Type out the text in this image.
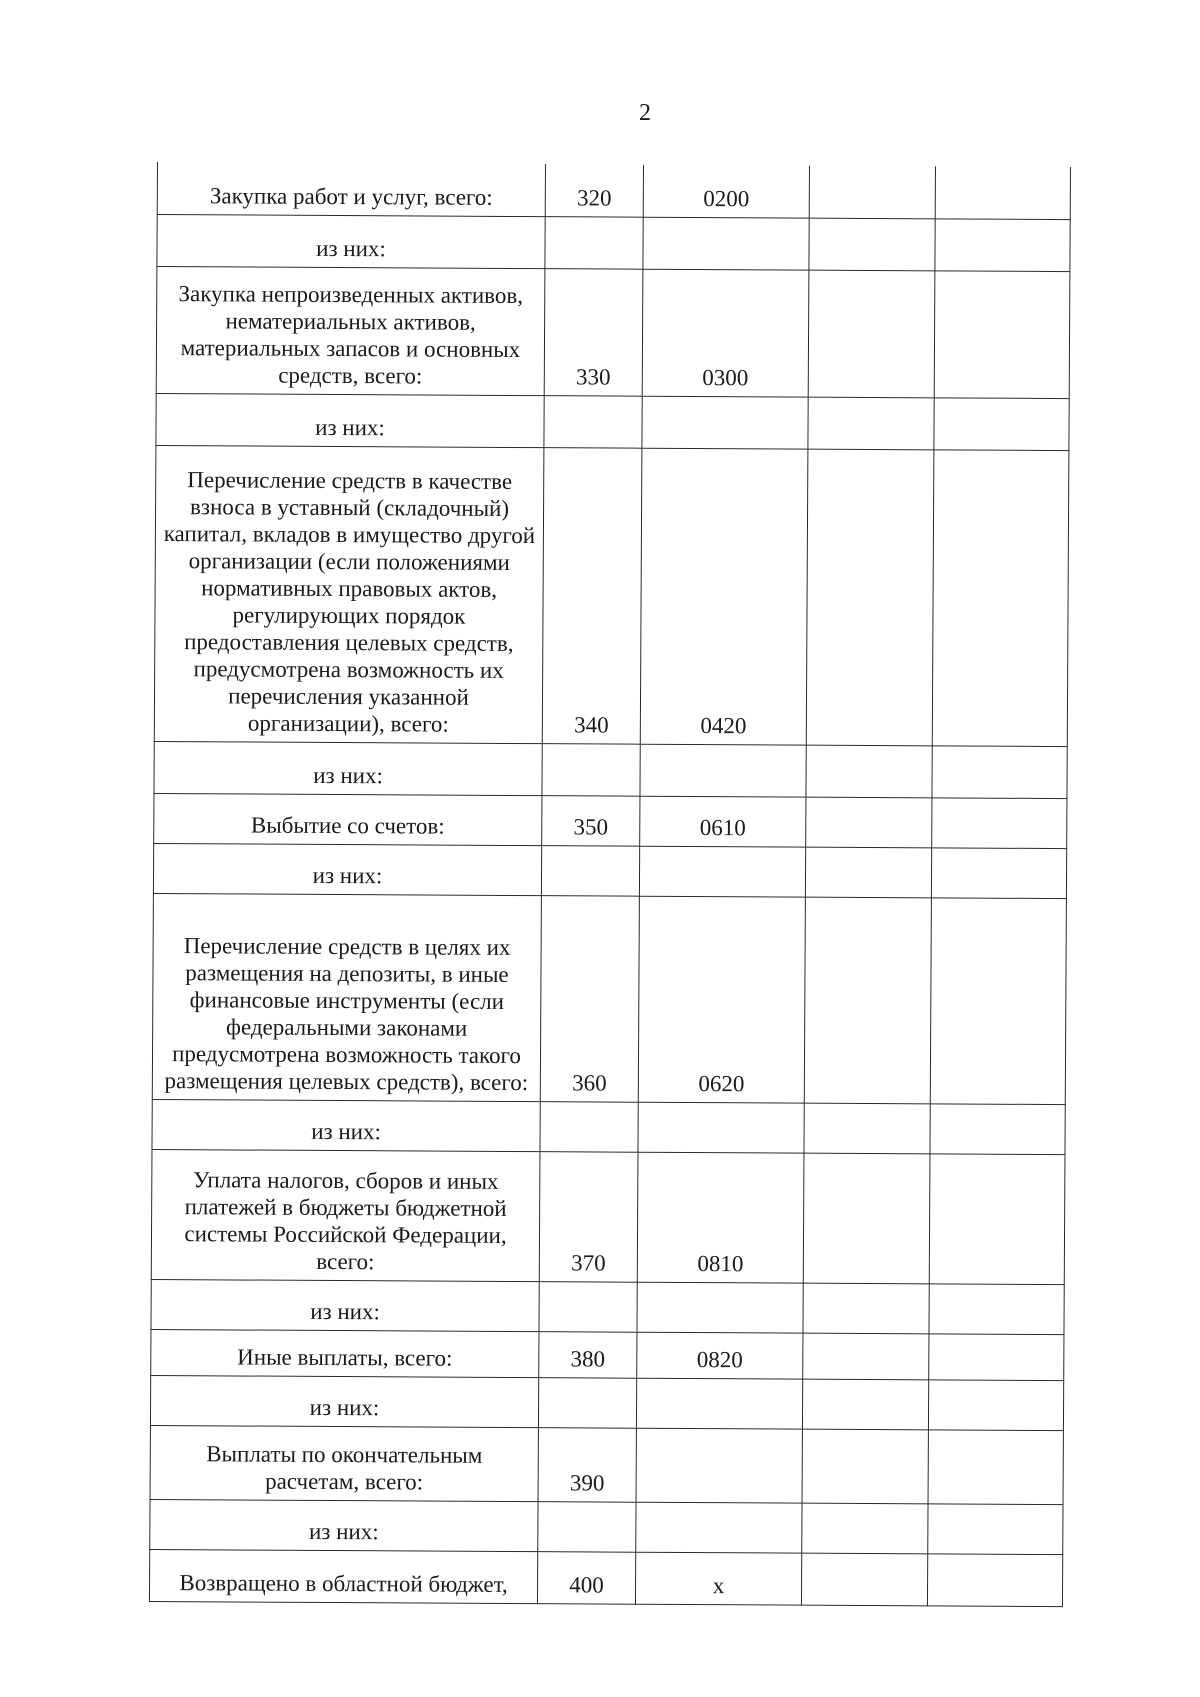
2
Закупка работ и услуг, всего:	320	0200		
из них:				
Закупка непроизведенных активов, нематериальных активов, материальных запасов и основных средств, всего:	330	0300		
из них:				
Перечисление средств в качестве взноса в уставный (складочный) капитал, вкладов в имущество другой организации (если положениями нормативных правовых актов, регулирующих порядок предоставления целевых средств, предусмотрена возможность их перечисления указанной организации), всего:	340	0420		
из них:				
Выбытие со счетов:	350	0610		
из них:				
Перечисление средств в целях их размещения на депозиты, в иные финансовые инструменты (если федеральными законами предусмотрена возможность такого размещения целевых средств), всего:	360	0620		
из них:				
Уплата налогов, сборов и иных платежей в бюджеты бюджетной системы Российской Федерации, всего:	370	0810		
из них:				
Иные выплаты, всего:	380	0820		
из них:				
Выплаты по окончательным расчетам, всего:	390			
из них:				
Возвращено в областной бюджет,	400	x		
